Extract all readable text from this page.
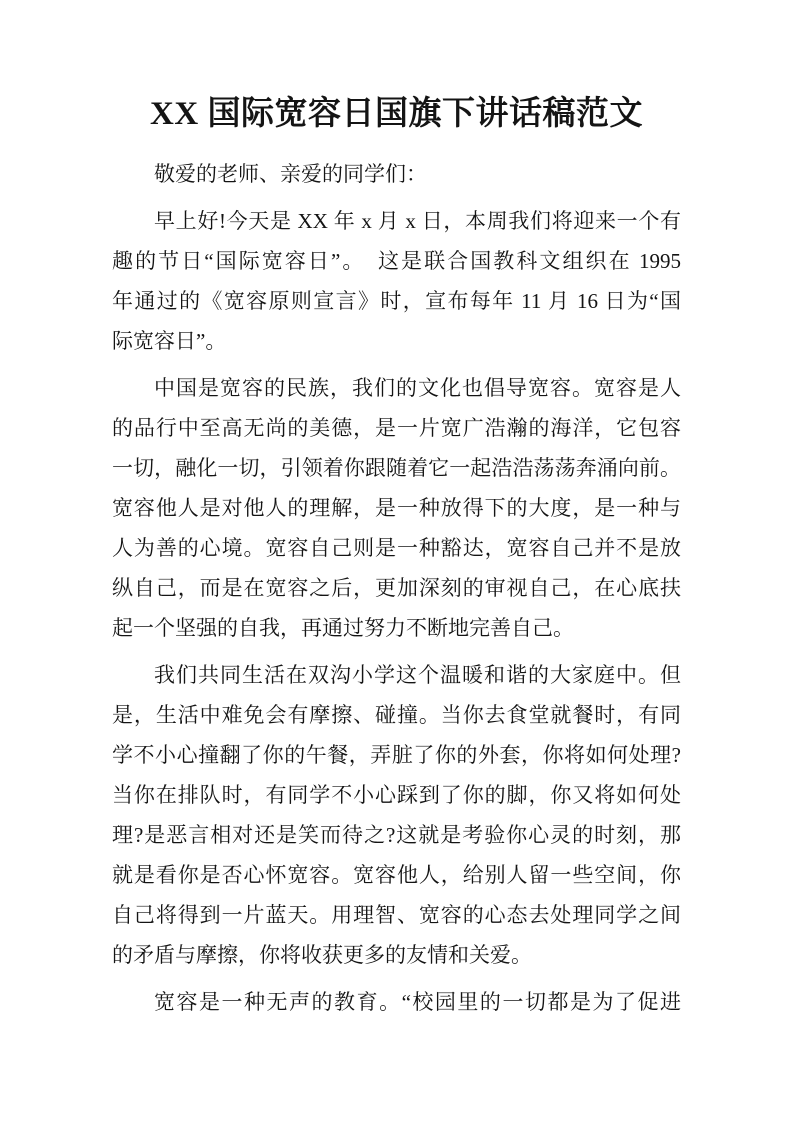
XX 国际宽容日国旗下讲话稿范文
敬爱的老师、亲爱的同学们：
早上好!今天是 XX 年 x 月 x 日，本周我们将迎来一个有
趣的节日“国际宽容日”。　这是联合国教科文组织在 1995
年通过的《宽容原则宣言》时，宣布每年 11 月 16 日为“国
际宽容日”。
中国是宽容的民族，我们的文化也倡导宽容。宽容是人
的品行中至高无尚的美德，是一片宽广浩瀚的海洋，它包容
一切，融化一切，引领着你跟随着它一起浩浩荡荡奔涌向前。
宽容他人是对他人的理解，是一种放得下的大度，是一种与
人为善的心境。宽容自己则是一种豁达，宽容自己并不是放
纵自己，而是在宽容之后，更加深刻的审视自己，在心底扶
起一个坚强的自我，再通过努力不断地完善自己。
我们共同生活在双沟小学这个温暖和谐的大家庭中。但
是，生活中难免会有摩擦、碰撞。当你去食堂就餐时，有同
学不小心撞翻了你的午餐，弄脏了你的外套，你将如何处理?
当你在排队时，有同学不小心踩到了你的脚，你又将如何处
理?是恶言相对还是笑而待之?这就是考验你心灵的时刻，那
就是看你是否心怀宽容。宽容他人，给别人留一些空间，你
自己将得到一片蓝天。用理智、宽容的心态去处理同学之间
的矛盾与摩擦，你将收获更多的友情和关爱。
宽容是一种无声的教育。“校园里的一切都是为了促进
